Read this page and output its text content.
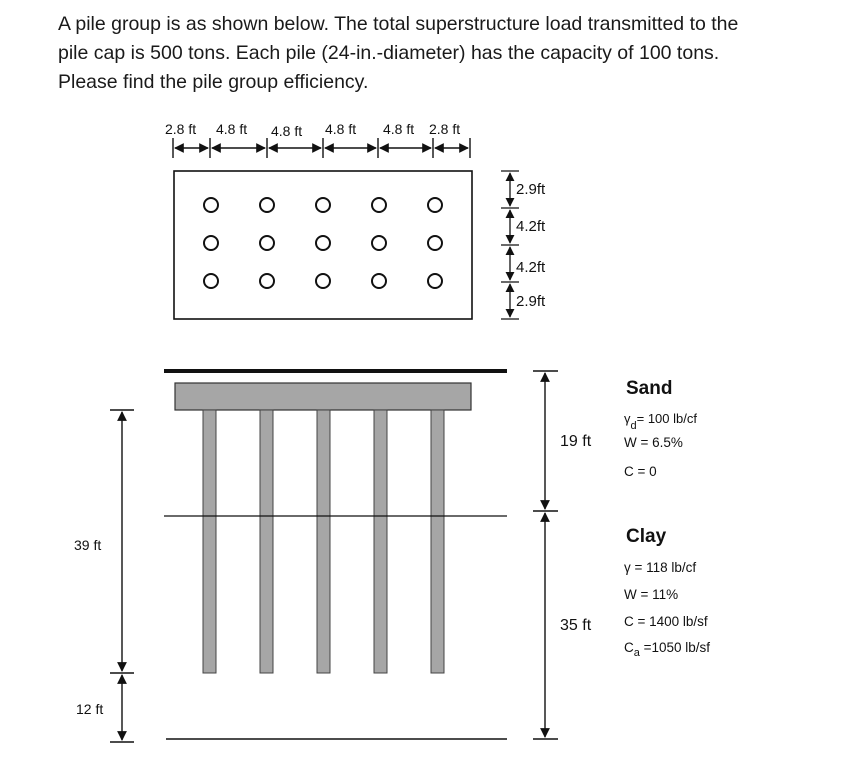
A pile group is as shown below. The total superstructure load transmitted to the
pile cap is 500 tons. Each pile (24-in.-diameter) has the capacity of 100 tons.
Please find the pile group efficiency.
2.8 ft 4.8 ft 4.8 ft 4.8 ft 4.8 ft 2.8 ft
2.9ft
4.2ft
4.2ft
2.9ft
39 ft
12 ft
19 ft
35 ft
Sand
$\gamma_d= 100$ lb/cf
W = 6.5%
C = 0
Clay
γ = 118 lb/cf
W = 11%
C = 1400 lb/sf
$C_a =1050$ lb/sf
